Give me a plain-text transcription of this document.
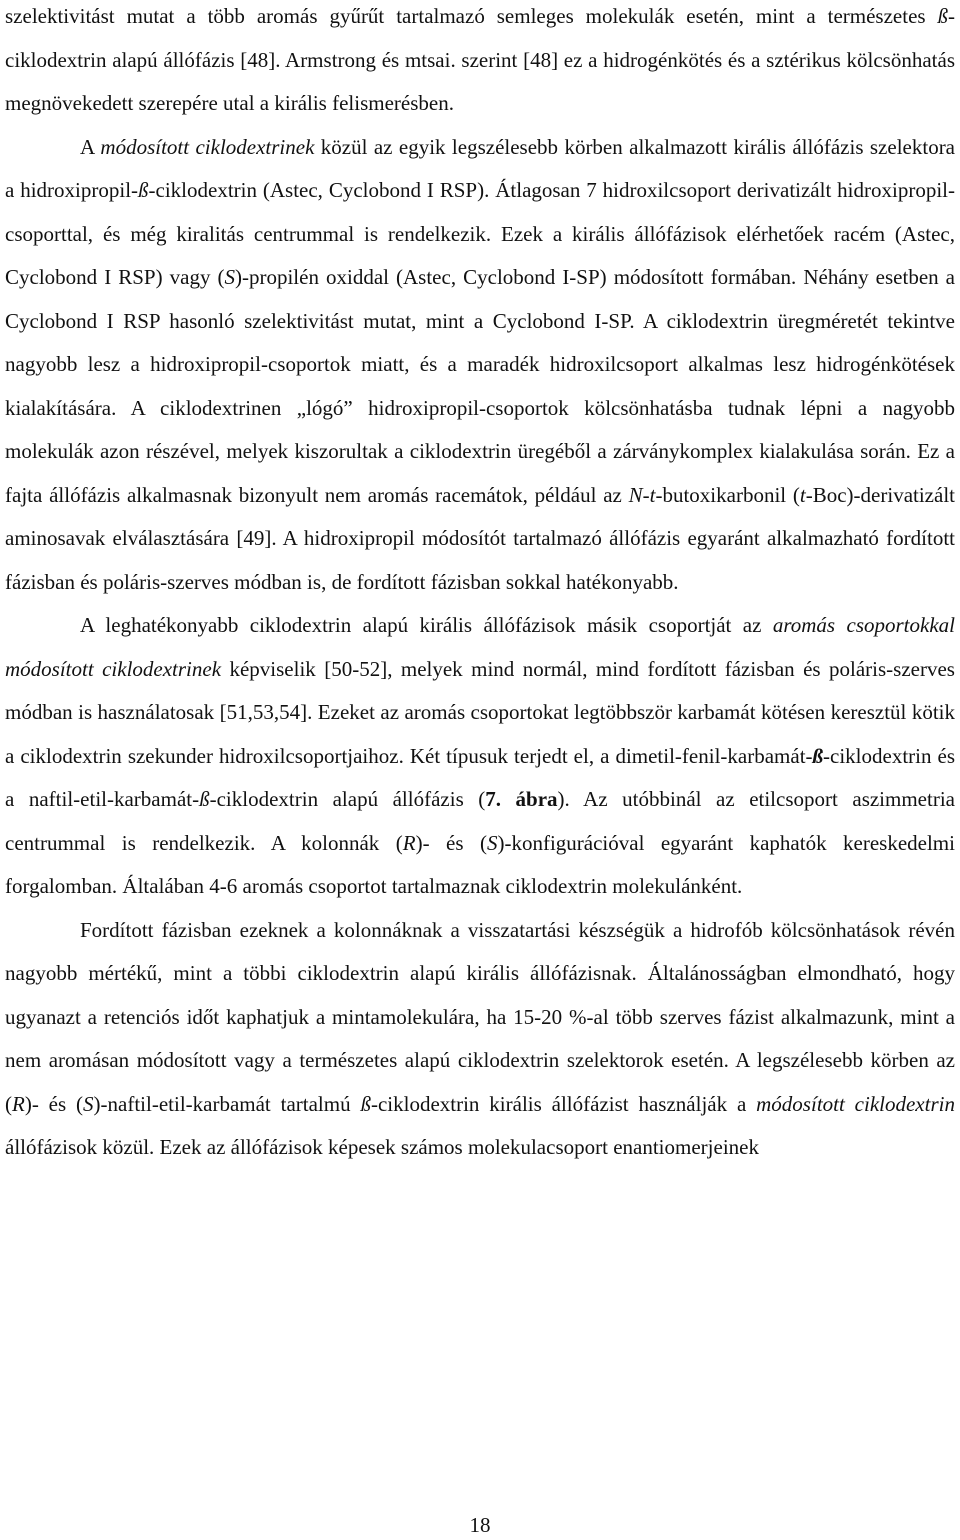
szelektivitást mutat a több aromás gyűrűt tartalmazó semleges molekulák esetén, mint a természetes ß-ciklodextrin alapú állófázis [48]. Armstrong és mtsai. szerint [48] ez a hidrogénkötés és a sztérikus kölcsönhatás megnövekedett szerepére utal a királis felismerésben.

A módosított ciklodextrinek közül az egyik legszélesebb körben alkalmazott királis állófázis szelektora a hidroxipropil-ß-ciklodextrin (Astec, Cyclobond I RSP). Átlagosan 7 hidroxilcsoport derivatizált hidroxipropil-csoporttal, és még kiralitás centrummal is rendelkezik. Ezek a királis állófázisok elérhetőek racém (Astec, Cyclobond I RSP) vagy (S)-propilén oxiddal (Astec, Cyclobond I-SP) módosított formában. Néhány esetben a Cyclobond I RSP hasonló szelektivitást mutat, mint a Cyclobond I-SP. A ciklodextrin üregméretét tekintve nagyobb lesz a hidroxipropil-csoportok miatt, és a maradék hidroxilcsoport alkalmas lesz hidrogénkötések kialakítására. A ciklodextrinen „lógó” hidroxipropil-csoportok kölcsönhatásba tudnak lépni a nagyobb molekulák azon részével, melyek kiszorultak a ciklodextrin üregéből a zárványkomplex kialakulása során. Ez a fajta állófázis alkalmasnak bizonyult nem aromás racemátok, például az N-t-butoxikarbonil (t-Boc)-derivatizált aminosavak elválasztására [49]. A hidroxipropil módosítót tartalmazó állófázis egyaránt alkalmazható fordított fázisban és poláris-szerves módban is, de fordított fázisban sokkal hatékonyabb.

A leghatékonyabb ciklodextrin alapú királis állófázisok másik csoportját az aromás csoportokkal módosított ciklodextrinek képviselik [50-52], melyek mind normál, mind fordított fázisban és poláris-szerves módban is használatosak [51,53,54]. Ezeket az aromás csoportokat legtöbbször karbamát kötésen keresztül kötik a ciklodextrin szekunder hidroxilcsoportjaihoz. Két típusuk terjedt el, a dimetil-fenil-karbamát-ß-ciklodextrin és a naftil-etil-karbamát-ß-ciklodextrin alapú állófázis (7. ábra). Az utóbbinál az etilcsoport aszimmetria centrummal is rendelkezik. A kolonnák (R)- és (S)-konfigurációval egyaránt kaphatók kereskedelmi forgalomban. Általában 4-6 aromás csoportot tartalmaznak ciklodextrin molekulánként.

Fordított fázisban ezeknek a kolonnáknak a visszatartási készségük a hidrofób kölcsönhatások révén nagyobb mértékű, mint a többi ciklodextrin alapú királis állófázisnak. Általánosságban elmondható, hogy ugyanazt a retenciós időt kaphatjuk a mintamolekulára, ha 15-20 %-al több szerves fázist alkalmazunk, mint a nem aromásan módosított vagy a természetes alapú ciklodextrin szelektorok esetén. A legszélesebb körben az (R)- és (S)-naftil-etil-karbamát tartalmú ß-ciklodextrin királis állófázist használják a módosított ciklodextrin állófázisok közül. Ezek az állófázisok képesek számos molekulacsoport enantiomerjeinek

18
